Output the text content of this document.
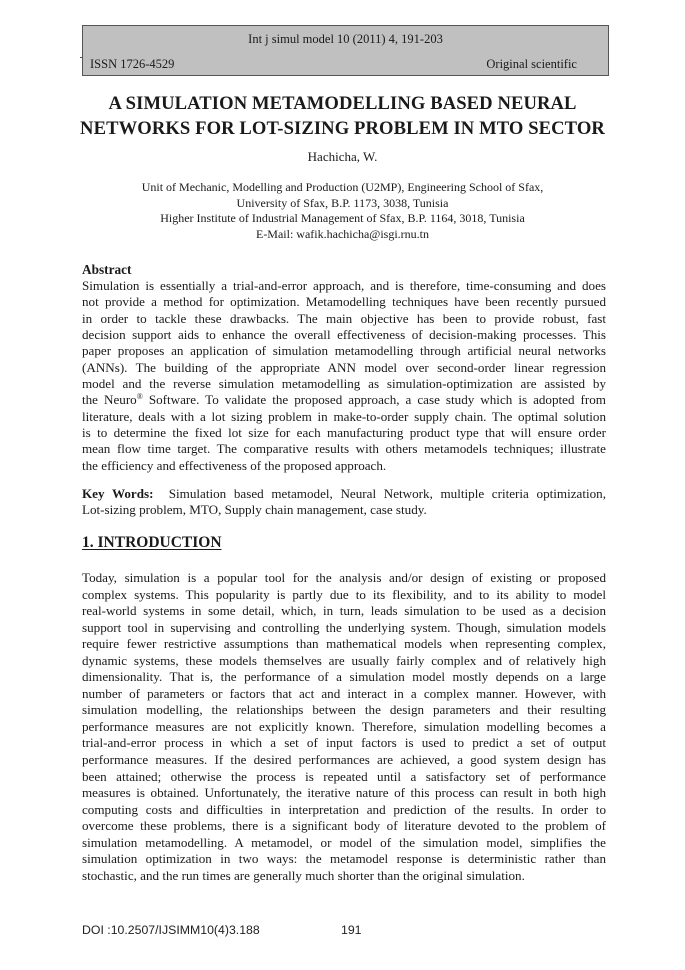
Int j simul model 10 (2011) 4, 191-203
ISSN 1726-4529	Original scientific
A SIMULATION METAMODELLING BASED NEURAL
NETWORKS FOR LOT-SIZING PROBLEM IN MTO SECTOR
Hachicha, W.
Unit of Mechanic, Modelling and Production (U2MP), Engineering School of Sfax,
University of Sfax, B.P. 1173, 3038, Tunisia
Higher Institute of Industrial Management of Sfax, B.P. 1164, 3018, Tunisia
E-Mail: wafik.hachicha@isgi.rnu.tn
Abstract
Simulation is essentially a trial-and-error approach, and is therefore, time-consuming and does
not provide a method for optimization. Metamodelling techniques have been recently pursued
in order to tackle these drawbacks. The main objective has been to provide robust, fast
decision support aids to enhance the overall effectiveness of decision-making processes. This
paper proposes an application of simulation metamodelling through artificial neural networks
(ANNs). The building of the appropriate ANN model over second-order linear regression
model and the reverse simulation metamodelling as simulation-optimization are assisted by
the Neuro® Software. To validate the proposed approach, a case study which is adopted from
literature, deals with a lot sizing problem in make-to-order supply chain. The optimal solution
is to determine the fixed lot size for each manufacturing product type that will ensure order
mean flow time target. The comparative results with others metamodels techniques; illustrate
the efficiency and effectiveness of the proposed approach.
Key Words:  Simulation based metamodel, Neural Network, multiple criteria optimization,
Lot-sizing problem, MTO, Supply chain management, case study.
1. INTRODUCTION
Today, simulation is a popular tool for the analysis and/or design of existing or proposed
complex systems. This popularity is partly due to its flexibility, and to its ability to model
real-world systems in some detail, which, in turn, leads simulation to be used as a decision
support tool in supervising and controlling the underlying system. Though, simulation models
require fewer restrictive assumptions than mathematical models when representing complex,
dynamic systems, these models themselves are usually fairly complex and of relatively high
dimensionality. That is, the performance of a simulation model mostly depends on a large
number of parameters or factors that act and interact in a complex manner. However, with
simulation modelling, the relationships between the design parameters and their resulting
performance measures are not explicitly known. Therefore, simulation modelling becomes a
trial-and-error process in which a set of input factors is used to predict a set of output
performance measures. If the desired performances are achieved, a good system design has
been attained; otherwise the process is repeated until a satisfactory set of performance
measures is obtained. Unfortunately, the iterative nature of this process can result in both high
computing costs and difficulties in interpretation and prediction of the results. In order to
overcome these problems, there is a significant body of literature devoted to the problem of
simulation metamodelling. A metamodel, or model of the simulation model, simplifies the
simulation optimization in two ways: the metamodel response is deterministic rather than
stochastic, and the run times are generally much shorter than the original simulation.
DOI :10.2507/IJSIMM10(4)3.188	191
